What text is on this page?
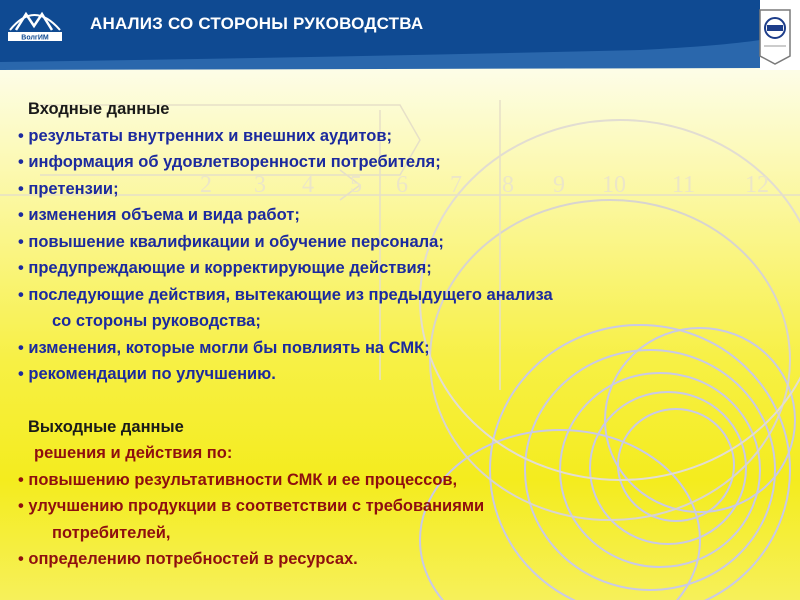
2 3 4 5 6 7 8 9 10 11 12
АНАЛИЗ СО СТОРОНЫ РУКОВОДСТВА
ВолгИМ
Входные данные
• результаты внутренних и внешних аудитов;
• информация об удовлетворенности потребителя;
• претензии;
• изменения объема и вида работ;
• повышение квалификации и обучение персонала;
• предупреждающие и корректирующие действия;
• последующие действия, вытекающие из предыдущего анализа
со стороны руководства;
• изменения, которые могли бы повлиять на СМК;
• рекомендации по улучшению.
Выходные данные
решения и действия по:
• повышению результативности СМК и ее процессов,
• улучшению продукции в соответствии с требованиями
потребителей,
• определению потребностей в ресурсах.
